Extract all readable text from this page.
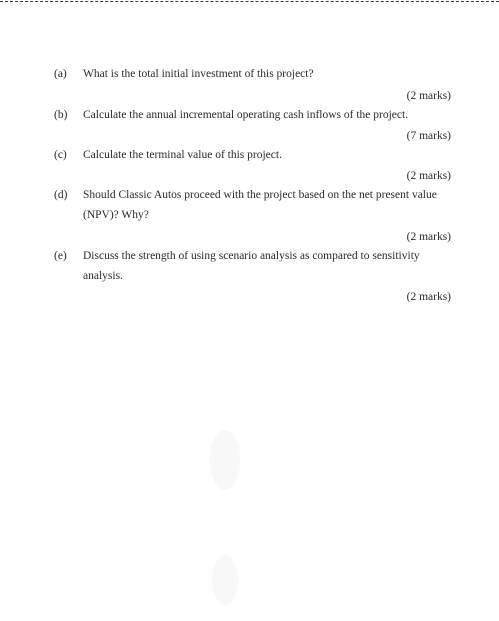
(a) What is the total initial investment of this project?
(2 marks)
(b) Calculate the annual incremental operating cash inflows of the project.
(7 marks)
(c) Calculate the terminal value of this project.
(2 marks)
(d) Should Classic Autos proceed with the project based on the net present value
(NPV)? Why?
(2 marks)
(e) Discuss the strength of using scenario analysis as compared to sensitivity
analysis.
(2 marks)
